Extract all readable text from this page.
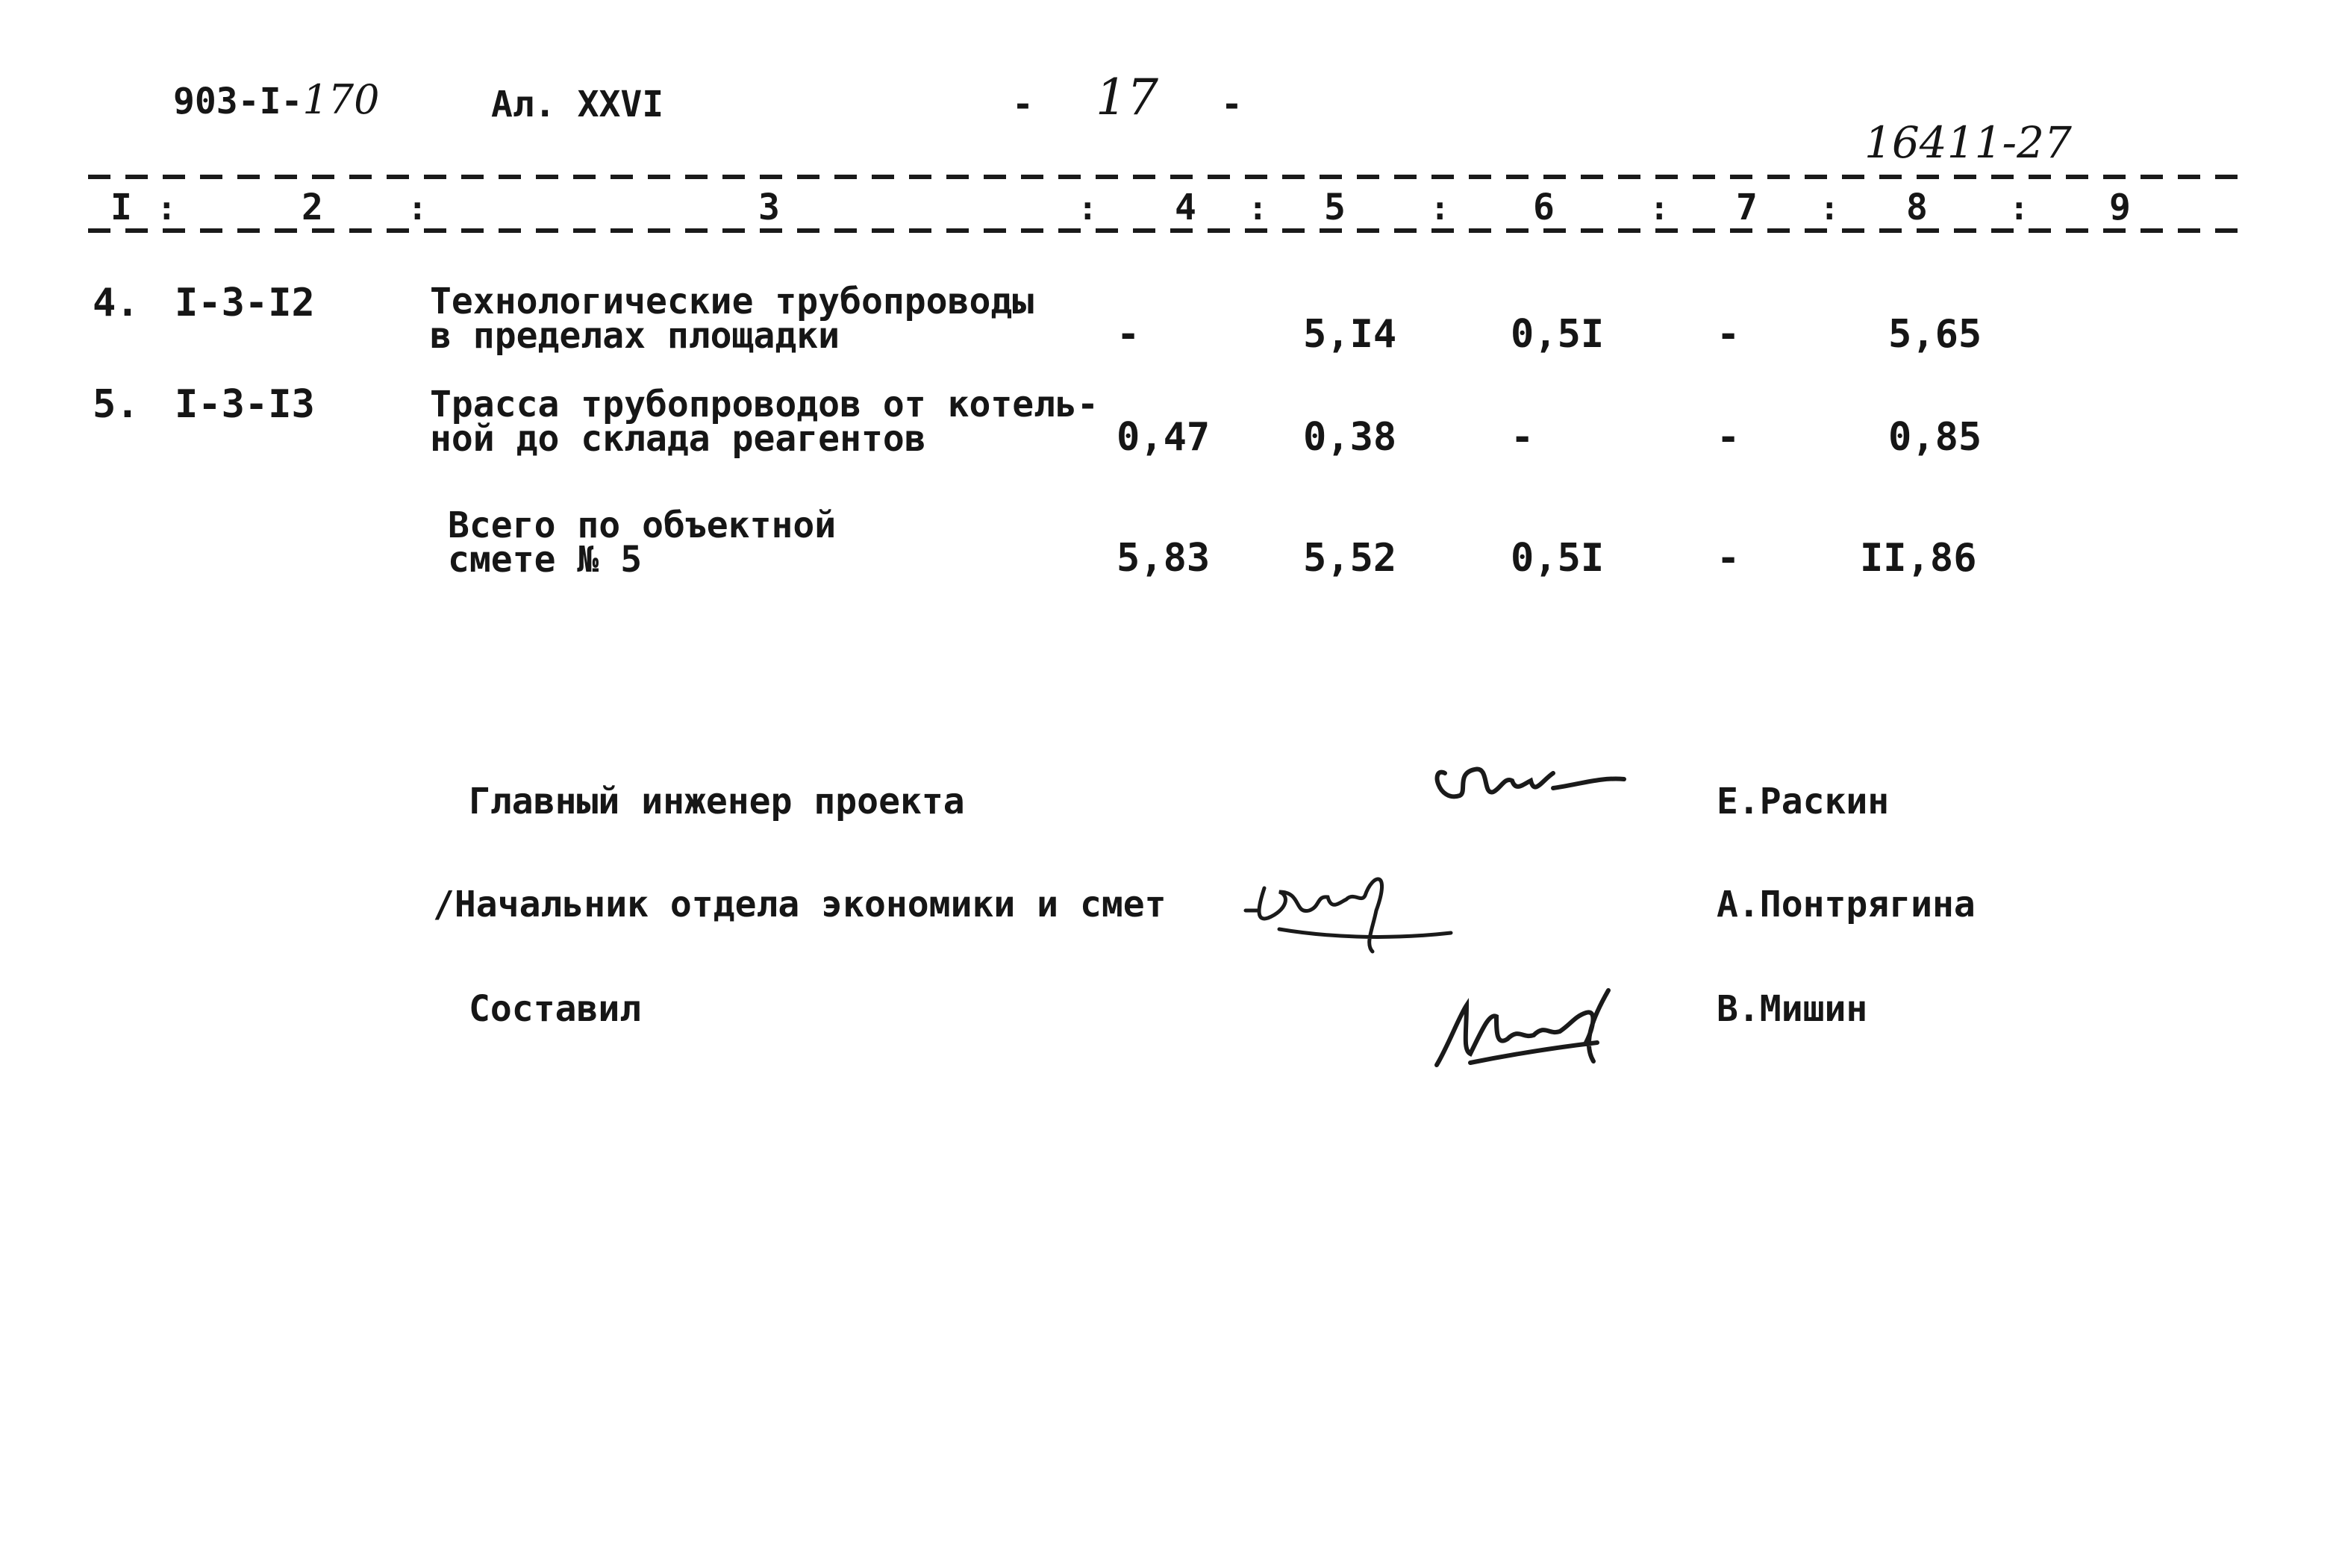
903-I-170	Ал. XXVI	- 17 -
16411-27
I :	2	:	3	: 4 : 5	: 6	: 7 : 8 : 9
4. I-3-I2	Технологические трубопроводы
в пределах площадки	-	5,I4	0,5I	-	5,65
5. I-3-I3	Трасса трубопроводов от котель-
ной до склада реагентов	0,47 0,38	-	-	0,85
Всего по объектной
смете № 5	5,83 5,52	0,5I	-	II,86
Главный инженер проекта	Е.Раскин
/Начальник отдела экономики и смет	А.Понтрягина
Составил	В.Мишин
